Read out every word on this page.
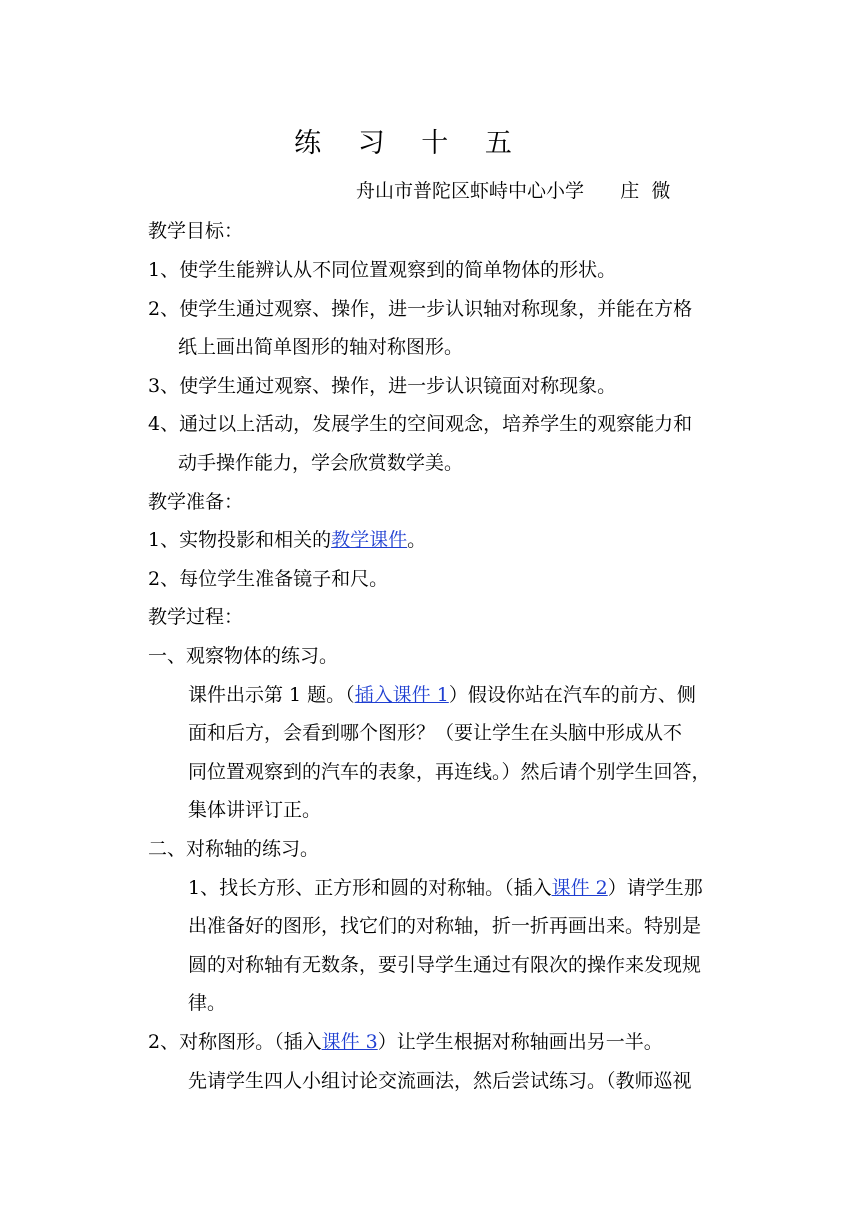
练 习 十 五
舟山市普陀区虾峙中心小学      庄  微
教学目标：
1、使学生能辨认从不同位置观察到的简单物体的形状。
2、使学生通过观察、操作，进一步认识轴对称现象，并能在方格
纸上画出简单图形的轴对称图形。
3、使学生通过观察、操作，进一步认识镜面对称现象。
4、通过以上活动，发展学生的空间观念，培养学生的观察能力和
动手操作能力，学会欣赏数学美。
教学准备：
1、实物投影和相关的教学课件。
2、每位学生准备镜子和尺。
教学过程：
一、观察物体的练习。
课件出示第 1 题。（插入课件 1）假设你站在汽车的前方、侧
面和后方，会看到哪个图形？（要让学生在头脑中形成从不
同位置观察到的汽车的表象，再连线。）然后请个别学生回答，
集体讲评订正。
二、对称轴的练习。
1、找长方形、正方形和圆的对称轴。（插入课件 2）请学生那
出准备好的图形，找它们的对称轴，折一折再画出来。特别是
圆的对称轴有无数条，要引导学生通过有限次的操作来发现规
律。
2、对称图形。（插入课件 3）让学生根据对称轴画出另一半。
先请学生四人小组讨论交流画法，然后尝试练习。（教师巡视
